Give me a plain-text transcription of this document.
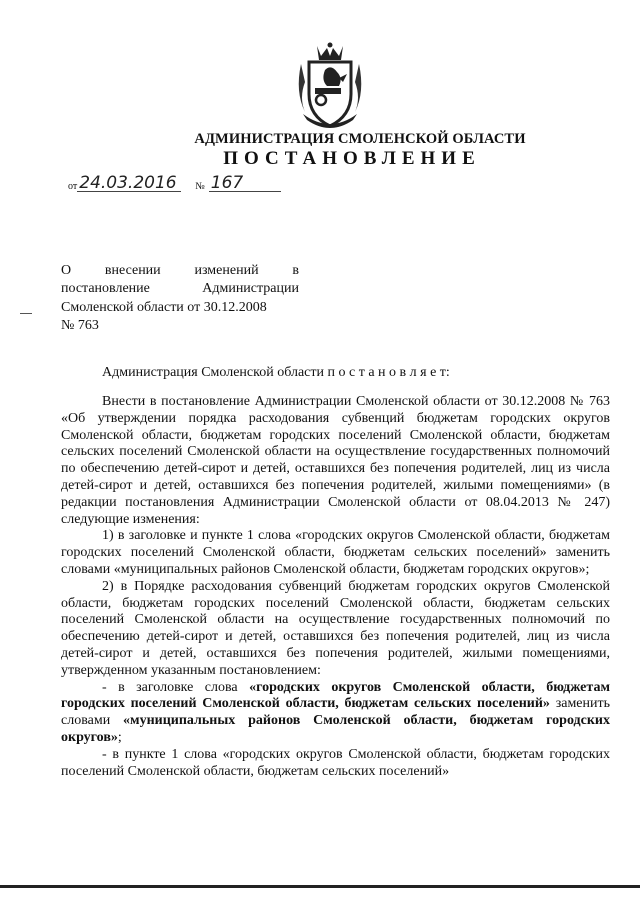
АДМИНИСТРАЦИЯ СМОЛЕНСКОЙ ОБЛАСТИ
ПОСТАНОВЛЕНИЕ
от 24.03.2016	№ 167

О внесении изменений в постановление Администрации Смоленской области от 30.12.2008

№ 763

Администрация Смоленской области п о с т а н о в л я е т:

Внести в постановление Администрации Смоленской области от 30.12.2008 № 763 «Об утверждении порядка расходования субвенций бюджетам городских округов Смоленской области, бюджетам городских поселений Смоленской области, бюджетам сельских поселений Смоленской области на осуществление государственных полномочий по обеспечению детей-сирот и детей, оставшихся без попечения родителей, лиц из числа детей-сирот и детей, оставшихся без попечения родителей, жилыми помещениями» (в редакции постановления Администрации Смоленской области от 08.04.2013 № 247) следующие изменения:

1) в заголовке и пункте 1 слова «городских округов Смоленской области, бюджетам городских поселений Смоленской области, бюджетам сельских поселений» заменить словами «муниципальных районов Смоленской области, бюджетам городских округов»;

2) в Порядке расходования субвенций бюджетам городских округов Смоленской области, бюджетам городских поселений Смоленской области, бюджетам сельских поселений Смоленской области на осуществление государственных полномочий по обеспечению детей-сирот и детей, оставшихся без попечения родителей, лиц из числа детей-сирот и детей, оставшихся без попечения родителей, жилыми помещениями, утвержденном указанным постановлением:

- в заголовке слова «городских округов Смоленской области, бюджетам городских поселений Смоленской области, бюджетам сельских поселений» заменить словами «муниципальных районов Смоленской области, бюджетам городских округов»;

- в пункте 1 слова «городских округов Смоленской области, бюджетам городских поселений Смоленской области, бюджетам сельских поселений»
